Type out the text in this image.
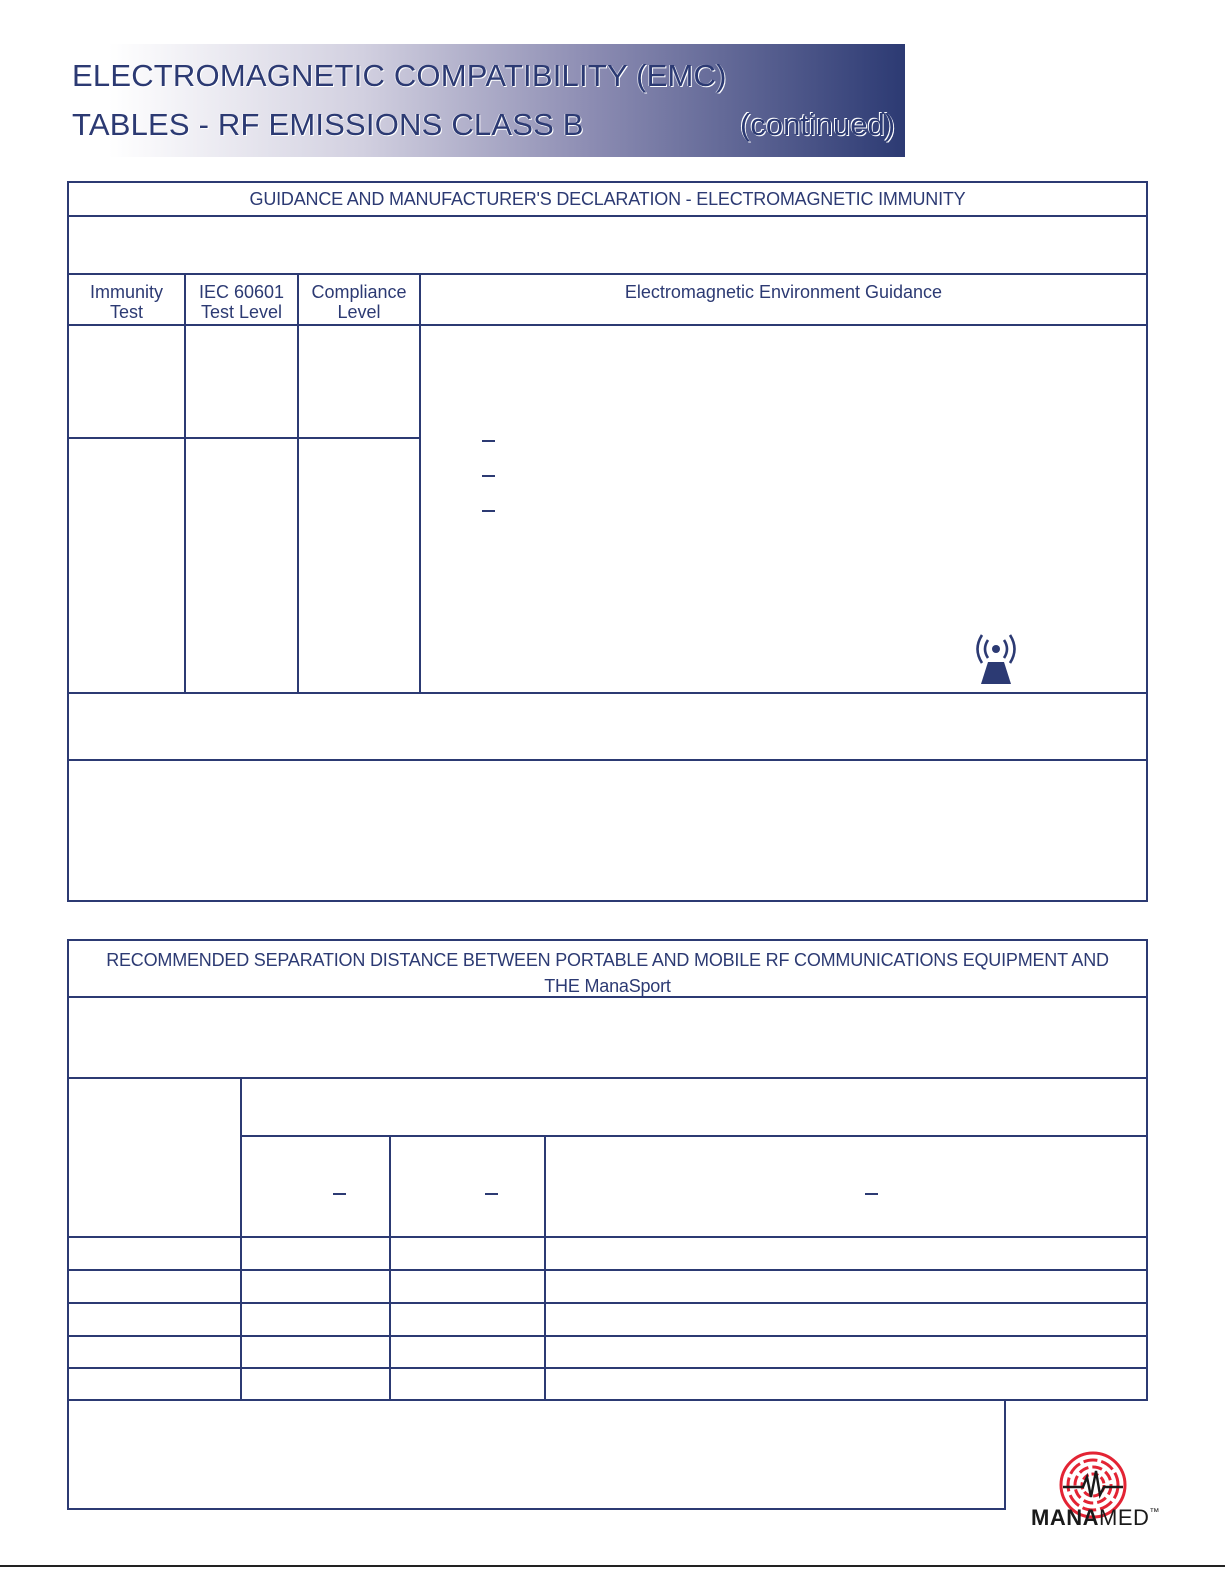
ELECTROMAGNETIC COMPATIBILITY (EMC)
TABLES - RF EMISSIONS CLASS B	(continued)
GUIDANCE AND MANUFACTURER'S DECLARATION - ELECTROMAGNETIC IMMUNITY
Immunity
Test
IEC 60601
Test Level
Compliance
Level
Electromagnetic Environment Guidance
RECOMMENDED SEPARATION DISTANCE BETWEEN PORTABLE AND MOBILE RF COMMUNICATIONS EQUIPMENT AND
THE ManaSport
MANAMED™
